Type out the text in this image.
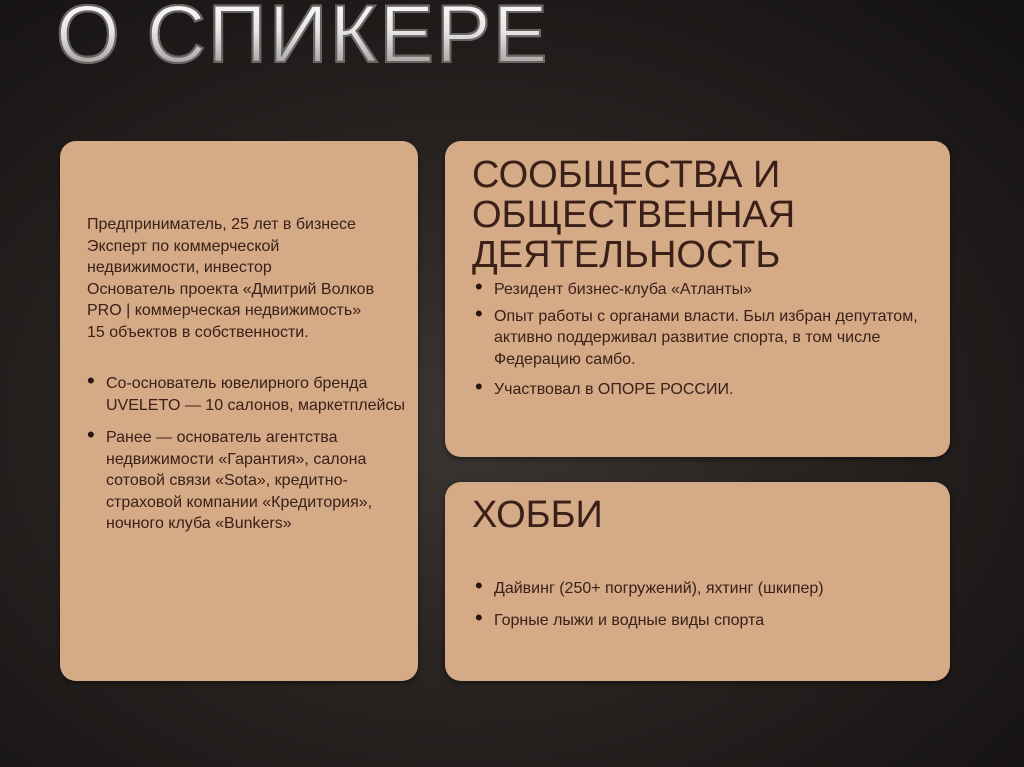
О СПИКЕРЕ

Предприниматель, 25 лет в бизнесе

Эксперт по коммерческой недвижимости, инвестор

Основатель проекта «Дмитрий Волков PRO | коммерческая недвижимость»

15 объектов в собственности.

• Со-основатель ювелирного бренда UVELETO — 10 салонов, маркетплейсы
• Ранее — основатель агентства недвижимости «Гарантия», салона сотовой связи «Sota», кредитно-страховой компании «Кредитория», ночного клуба «Bunkers»
СООБЩЕСТВА И ОБЩЕСТВЕННАЯ ДЕЯТЕЛЬНОСТЬ
• Резидент бизнес-клуба «Атланты»
• Опыт работы с органами власти. Был избран депутатом, активно поддерживал развитие спорта, в том числе Федерацию самбо.
• Участвовал в ОПОРЕ РОССИИ.
ХОББИ
• Дайвинг (250+ погружений), яхтинг (шкипер)
• Горные лыжи и водные виды спорта
